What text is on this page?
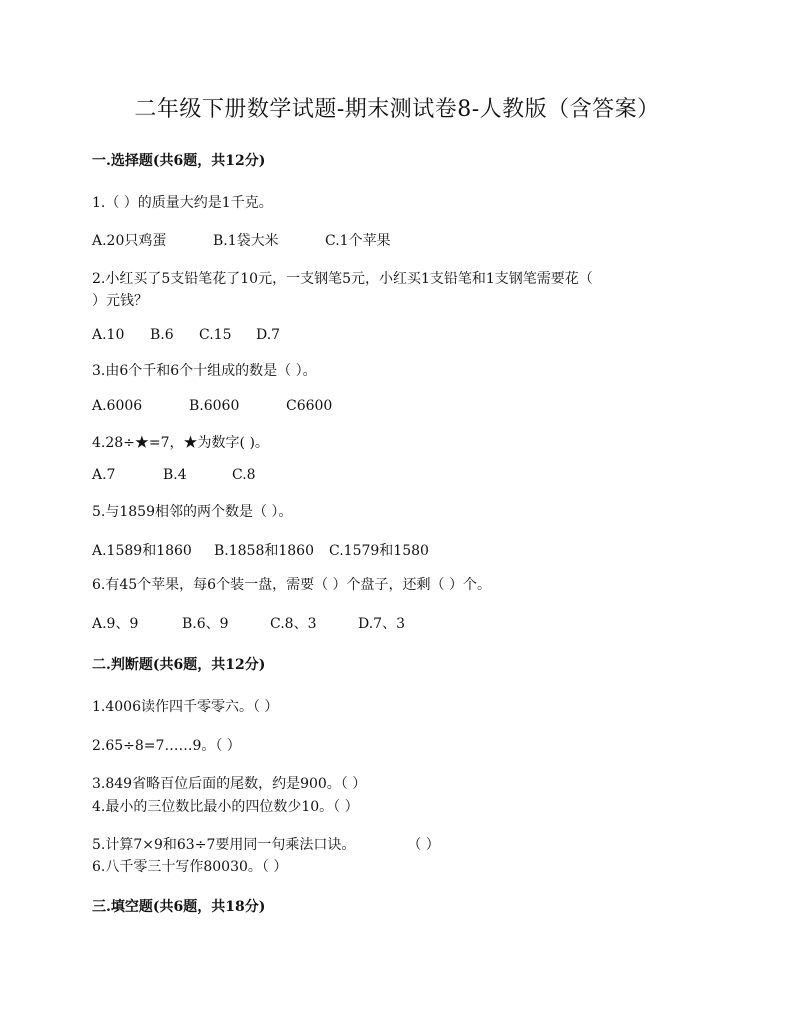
二年级下册数学试题-期末测试卷8-人教版（含答案）
一.选择题(共6题，共12分)
1.（ ）的质量大约是1千克。
A.20只鸡蛋	B.1袋大米	C.1个苹果
2.小红买了5支铅笔花了10元，一支钢笔5元，小红买1支铅笔和1支钢笔需要花（
）元钱？
A.10 B.6 C.15 D.7
3.由6个千和6个十组成的数是（ ）。
A.6006	B.6060	C6600
4.28÷★=7，★为数字( )。
A.7	B.4	C.8
5.与1859相邻的两个数是（ ）。
A.1589和1860 B.1858和1860 C.1579和1580
6.有45个苹果，每6个装一盘，需要（ ）个盘子，还剩（ ）个。
A.9、9	B.6、9	C.8、3	D.7、3
二.判断题(共6题，共12分)
1.4006读作四千零零六。（ ）
2.65÷8=7……9。（ ）
3.849省略百位后面的尾数，约是900。（ ）
4.最小的三位数比最小的四位数少10。（ ）
5.计算7×9和63÷7要用同一句乘法口诀。	（ ）
6.八千零三十写作80030。（ ）
三.填空题(共6题，共18分)
